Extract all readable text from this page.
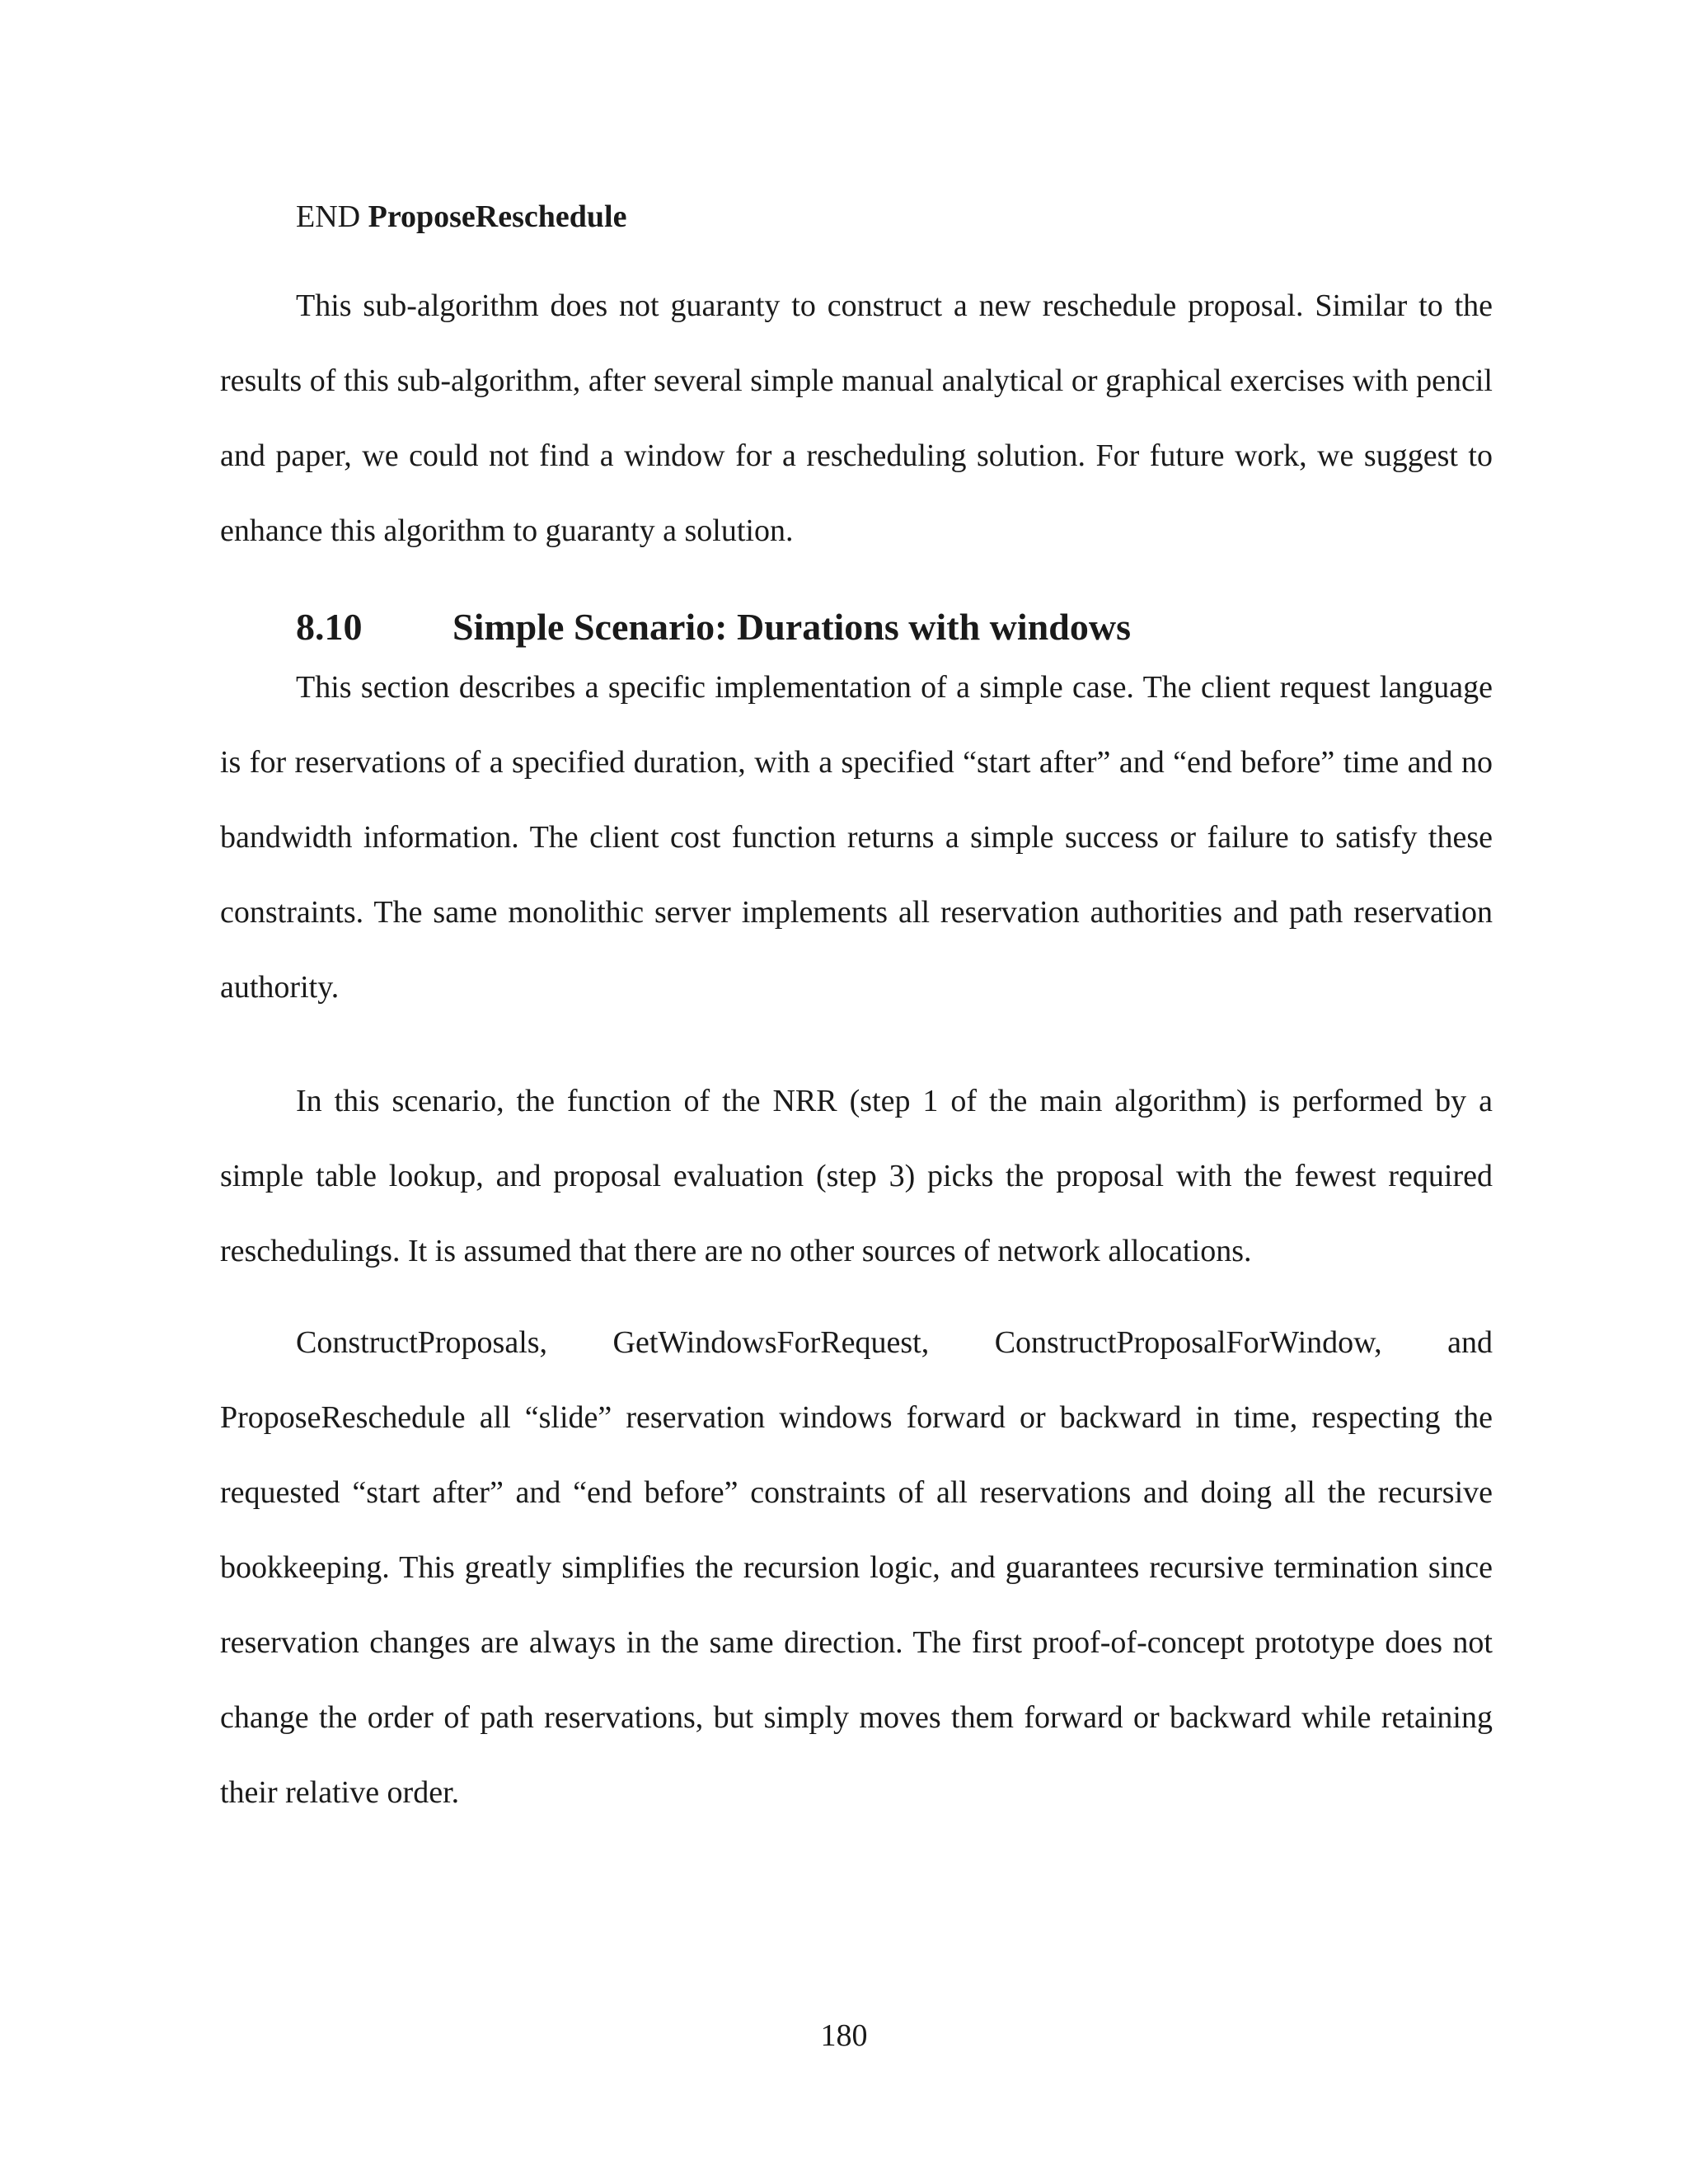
END ProposeReschedule

This sub-algorithm does not guaranty to construct a new reschedule proposal. Similar to the results of this sub-algorithm, after several simple manual analytical or graphical exercises with pencil and paper, we could not find a window for a rescheduling solution. For future work, we suggest to enhance this algorithm to guaranty a solution.

8.10 Simple Scenario: Durations with windows

This section describes a specific implementation of a simple case. The client request language is for reservations of a specified duration, with a specified “start after” and “end before” time and no bandwidth information. The client cost function returns a simple success or failure to satisfy these constraints. The same monolithic server implements all reservation authorities and path reservation authority.

In this scenario, the function of the NRR (step 1 of the main algorithm) is performed by a simple table lookup, and proposal evaluation (step 3) picks the proposal with the fewest required reschedulings. It is assumed that there are no other sources of network allocations.

ConstructProposals, GetWindowsForRequest, ConstructProposalForWindow, and ProposeReschedule all “slide” reservation windows forward or backward in time, respecting the requested “start after” and “end before” constraints of all reservations and doing all the recursive bookkeeping. This greatly simplifies the recursion logic, and guarantees recursive termination since reservation changes are always in the same direction. The first proof-of-concept prototype does not change the order of path reservations, but simply moves them forward or backward while retaining their relative order.

180
